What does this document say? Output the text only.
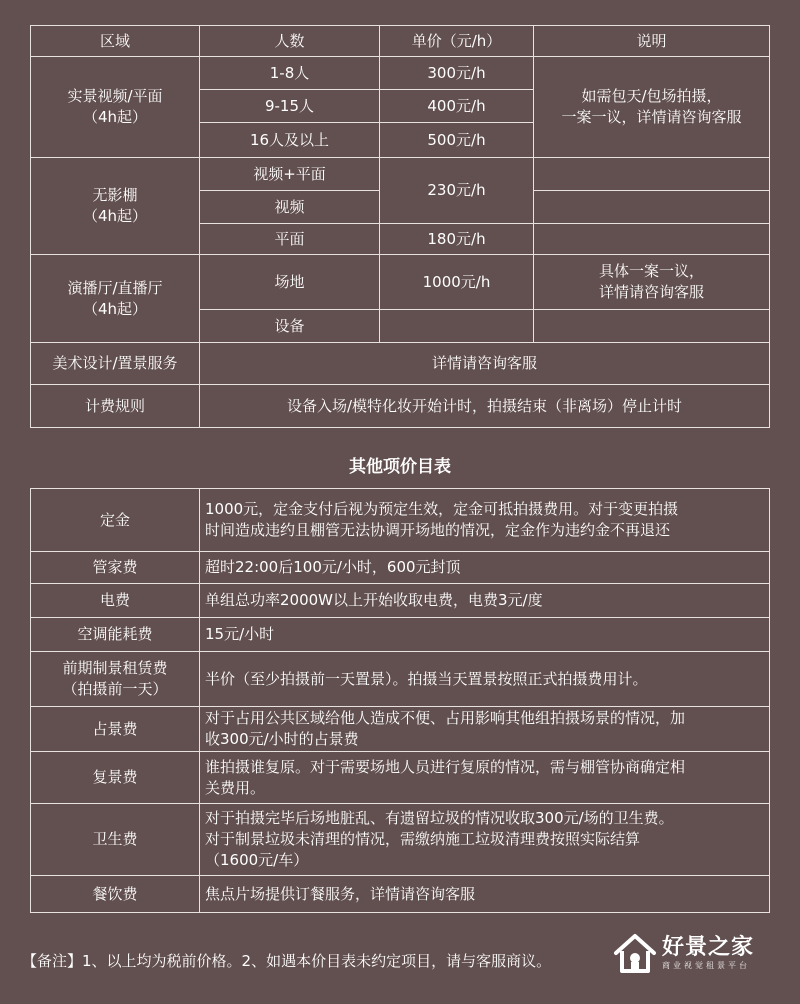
区域	人数	单价（元/h）	说明

实景视频/平面
（4h起）	1-8人	300元/h	如需包天/包场拍摄，
一案一议，详情请咨询客服

	9-15人	400元/h	
	16人及以上	500元/h	

无影棚
（4h起）	视频+平面	230元/h	
	视频		
	平面	180元/h	

演播厅/直播厅
（4h起）	场地	1000元/h	具体一案一议，
详情请咨询客服

	设备		
美术设计/置景服务	详情请咨询客服		
计费规则	设备入场/模特化妆开始计时，拍摄结束（非离场）停止计时		
其他项价目表
定金	1000元，定金支付后视为预定生效，定金可抵拍摄费用。对于变更拍摄
时间造成违约且棚管无法协调开场地的情况，定金作为违约金不再退还

管家费	超时22:00后100元/小时，600元封顶

电费	单组总功率2000W以上开始收取电费，电费3元/度

空调能耗费	15元/小时

前期制景租赁费
（拍摄前一天）	半价（至少拍摄前一天置景）。拍摄当天置景按照正式拍摄费用计。

占景费	对于占用公共区域给他人造成不便、占用影响其他组拍摄场景的情况，加
收300元/小时的占景费

复景费	谁拍摄谁复原。对于需要场地人员进行复原的情况，需与棚管协商确定相
关费用。

卫生费	对于拍摄完毕后场地脏乱、有遗留垃圾的情况收取300元/场的卫生费。
对于制景垃圾未清理的情况，需缴纳施工垃圾清理费按照实际结算
（1600元/车）

餐饮费	焦点片场提供订餐服务，详情请咨询客服

【备注】1、以上均为税前价格。2、如遇本价目表未约定项目，请与客服商议。

好景之家
商业视觉租景平台
